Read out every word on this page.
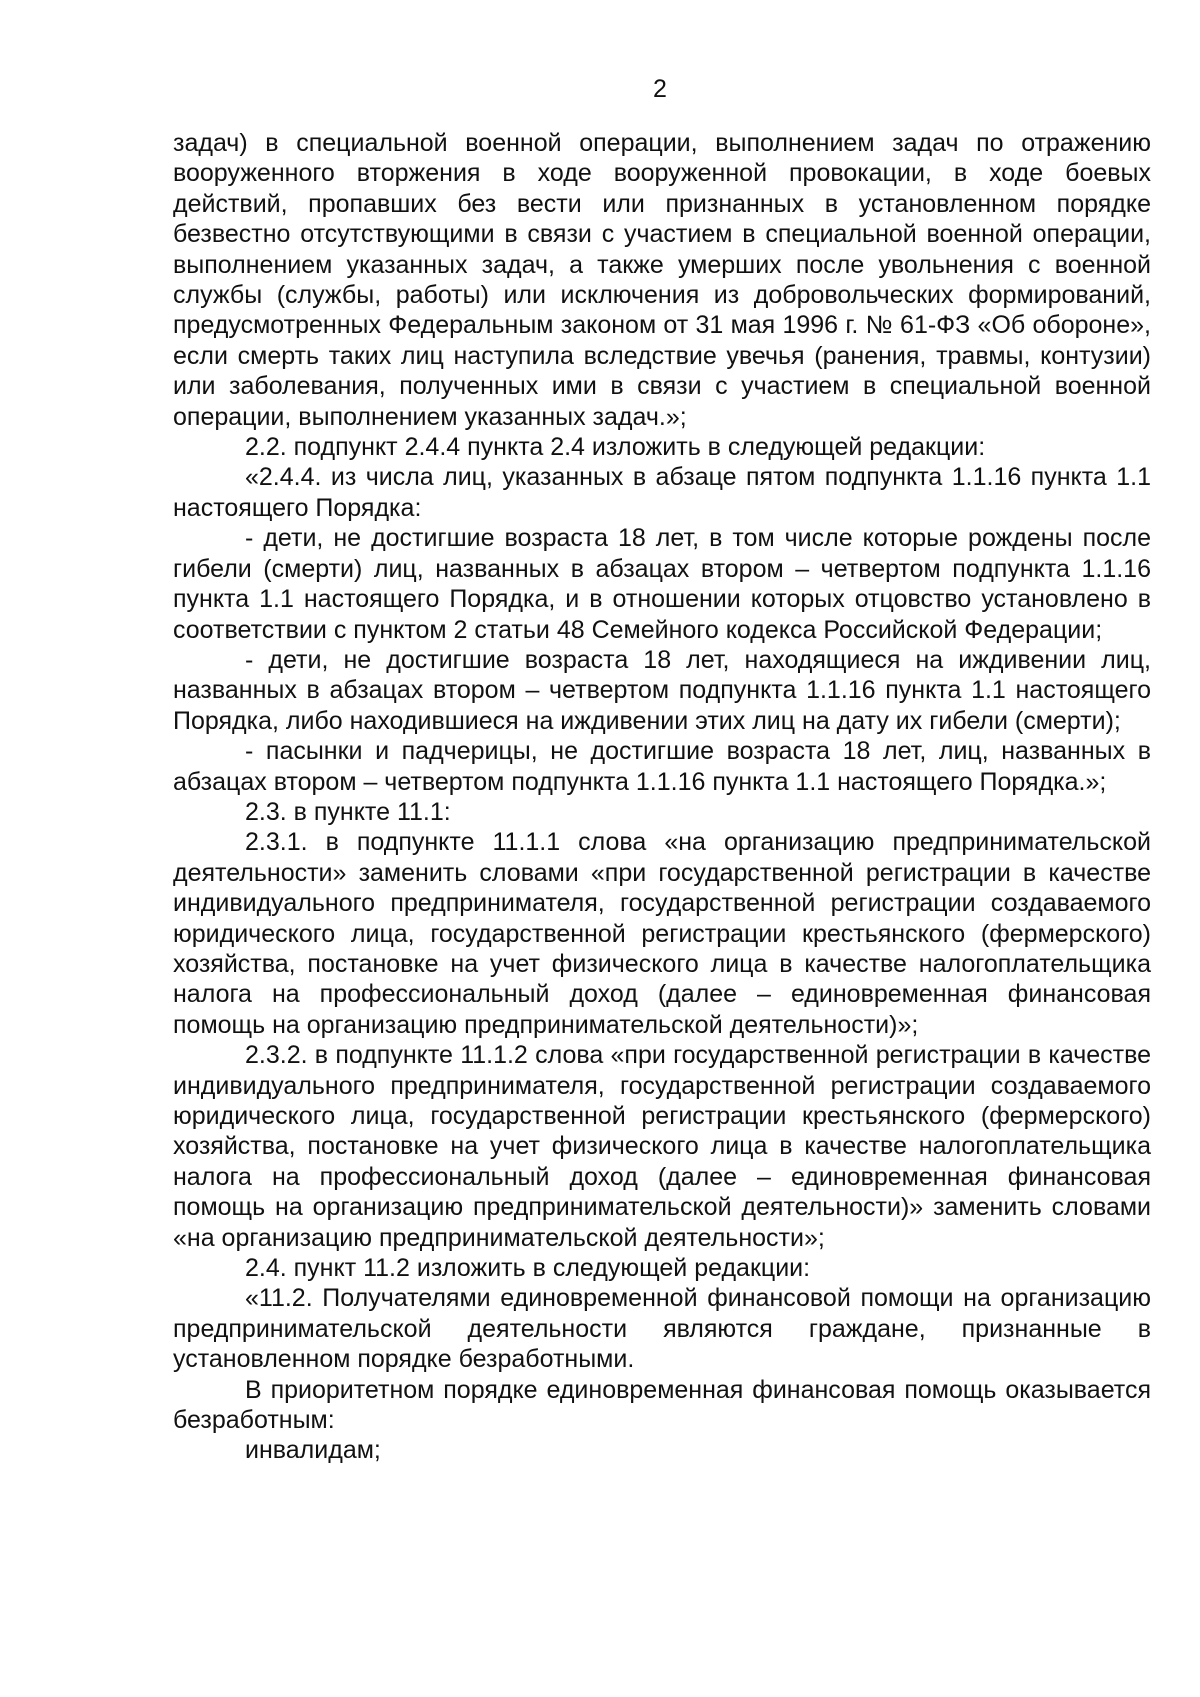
2

задач) в специальной военной операции, выполнением задач по отражению вооруженного вторжения в ходе вооруженной провокации, в ходе боевых действий, пропавших без вести или признанных в установленном порядке безвестно отсутствующими в связи с участием в специальной военной операции, выполнением указанных задач, а также умерших после увольнения с военной службы (службы, работы) или исключения из добровольческих формирований, предусмотренных Федеральным законом от 31 мая 1996 г. № 61-ФЗ «Об обороне», если смерть таких лиц наступила вследствие увечья (ранения, травмы, контузии) или заболевания, полученных ими в связи с участием в специальной военной операции, выполнением указанных задач.»;

2.2. подпункт 2.4.4 пункта 2.4 изложить в следующей редакции:

«2.4.4. из числа лиц, указанных в абзаце пятом подпункта 1.1.16 пункта 1.1 настоящего Порядка:

- дети, не достигшие возраста 18 лет, в том числе которые рождены после гибели (смерти) лиц, названных в абзацах втором – четвертом подпункта 1.1.16 пункта 1.1 настоящего Порядка, и в отношении которых отцовство установлено в соответствии с пунктом 2 статьи 48 Семейного кодекса Российской Федерации;

- дети, не достигшие возраста 18 лет, находящиеся на иждивении лиц, названных в абзацах втором – четвертом подпункта 1.1.16 пункта 1.1 настоящего Порядка, либо находившиеся на иждивении этих лиц на дату их гибели (смерти);

- пасынки и падчерицы, не достигшие возраста 18 лет, лиц, названных в абзацах втором – четвертом подпункта 1.1.16 пункта 1.1 настоящего Порядка.»;

2.3. в пункте 11.1:

2.3.1. в подпункте 11.1.1 слова «на организацию предпринимательской деятельности» заменить словами «при государственной регистрации в качестве индивидуального предпринимателя, государственной регистрации создаваемого юридического лица, государственной регистрации крестьянского (фермерского) хозяйства, постановке на учет физического лица в качестве налогоплательщика налога на профессиональный доход (далее – единовременная финансовая помощь на организацию предпринимательской деятельности)»;

2.3.2. в подпункте 11.1.2 слова «при государственной регистрации в качестве индивидуального предпринимателя, государственной регистрации создаваемого юридического лица, государственной регистрации крестьянского (фермерского) хозяйства, постановке на учет физического лица в качестве налогоплательщика налога на профессиональный доход (далее – единовременная финансовая помощь на организацию предпринимательской деятельности)» заменить словами «на организацию предпринимательской деятельности»;

2.4. пункт 11.2 изложить в следующей редакции:

«11.2. Получателями единовременной финансовой помощи на организацию предпринимательской деятельности являются граждане, признанные в установленном порядке безработными.

В приоритетном порядке единовременная финансовая помощь оказывается безработным:

инвалидам;
